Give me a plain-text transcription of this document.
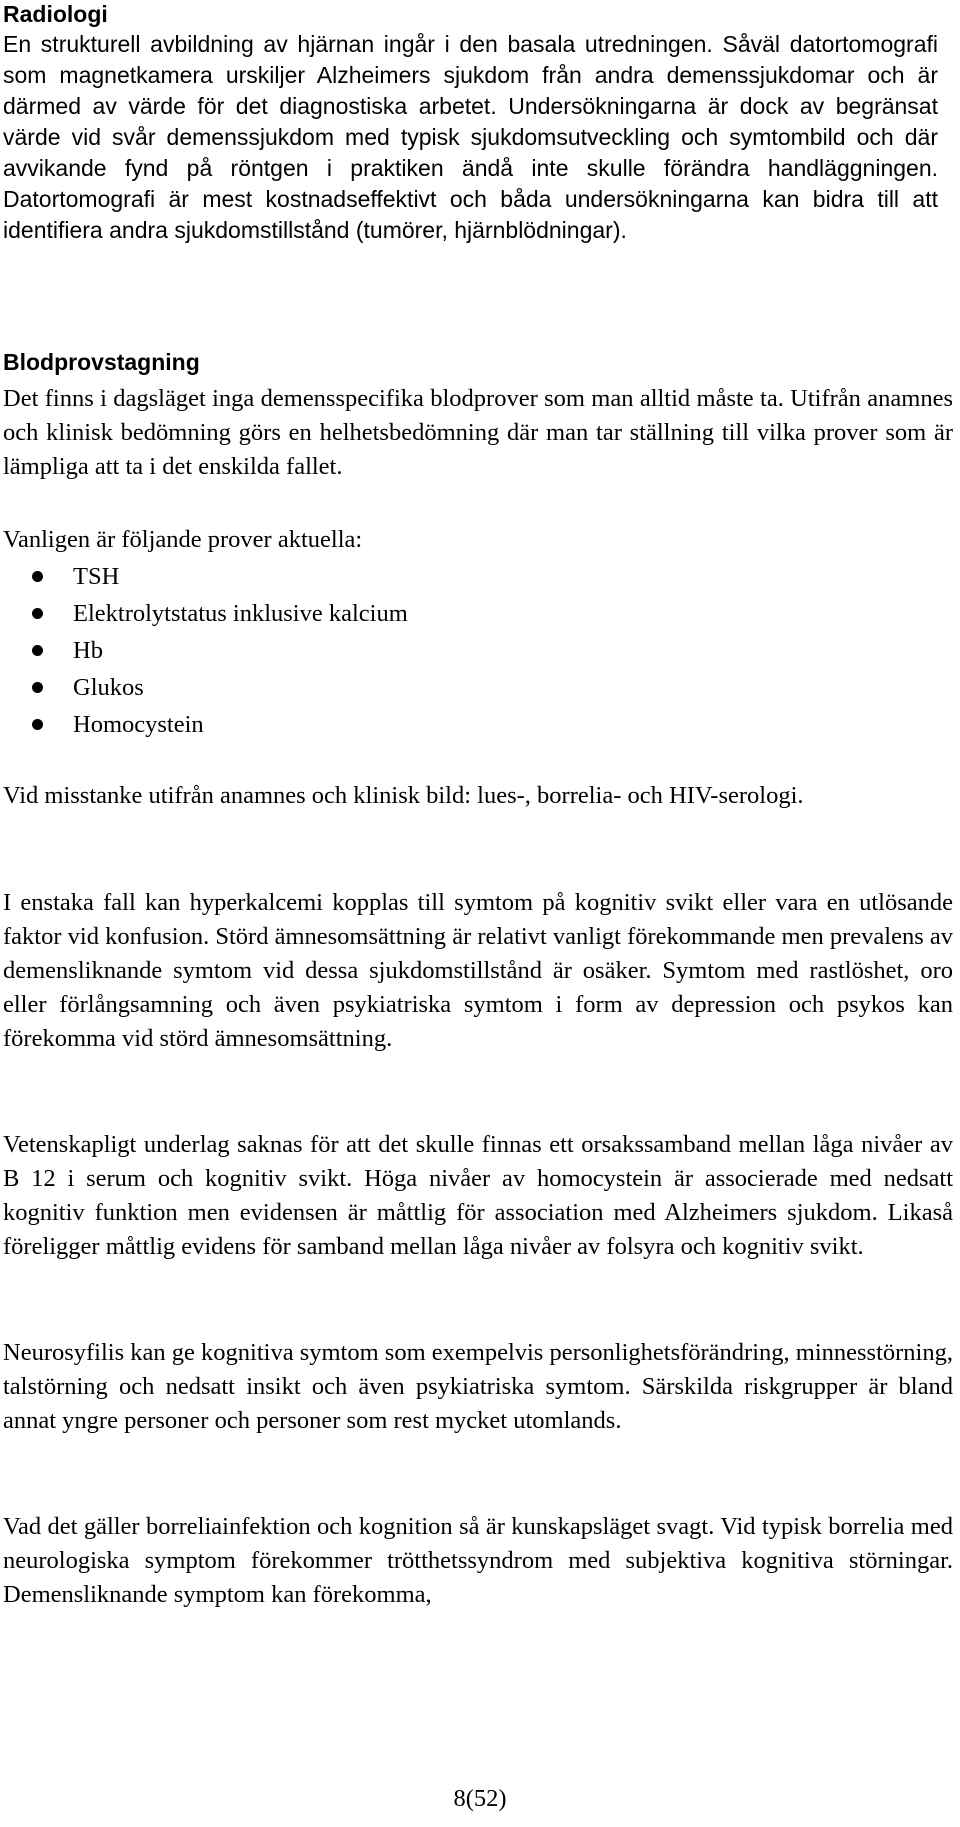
Radiologi

En strukturell avbildning av hjärnan ingår i den basala utredningen. Såväl datortomografi som magnetkamera urskiljer Alzheimers sjukdom från andra demenssjukdomar och är därmed av värde för det diagnostiska arbetet. Undersökningarna är dock av begränsat värde vid svår demenssjukdom med typisk sjukdomsutveckling och symtombild och där avvikande fynd på röntgen i praktiken ändå inte skulle förändra handläggningen. Datortomografi är mest kostnadseffektivt och båda undersökningarna kan bidra till att identifiera andra sjukdomstillstånd (tumörer, hjärnblödningar).

Blodprovstagning

Det finns i dagsläget inga demensspecifika blodprover som man alltid måste ta. Utifrån anamnes och klinisk bedömning görs en helhetsbedömning där man tar ställning till vilka prover som är lämpliga att ta i det enskilda fallet.

Vanligen är följande prover aktuella:

TSH
Elektrolytstatus inklusive kalcium
Hb
Glukos
Homocystein

Vid misstanke utifrån anamnes och klinisk bild: lues-, borrelia- och HIV-serologi.

I enstaka fall kan hyperkalcemi kopplas till symtom på kognitiv svikt eller vara en utlösande faktor vid konfusion. Störd ämnesomsättning är relativt vanligt förekommande men prevalens av demensliknande symtom vid dessa sjukdomstillstånd är osäker. Symtom med rastlöshet, oro eller förlångsamning och även psykiatriska symtom i form av depression och psykos kan förekomma vid störd ämnesomsättning.

Vetenskapligt underlag saknas för att det skulle finnas ett orsakssamband mellan låga nivåer av B 12 i serum och kognitiv svikt. Höga nivåer av homocystein är associerade med nedsatt kognitiv funktion men evidensen är måttlig för association med Alzheimers sjukdom. Likaså föreligger måttlig evidens för samband mellan låga nivåer av folsyra och kognitiv svikt.

Neurosyfilis kan ge kognitiva symtom som exempelvis personlighetsförändring, minnesstörning, talstörning och nedsatt insikt och även psykiatriska symtom. Särskilda riskgrupper är bland annat yngre personer och personer som rest mycket utomlands.

Vad det gäller borreliainfektion och kognition så är kunskapsläget svagt. Vid typisk borrelia med neurologiska symptom förekommer trötthetssyndrom med subjektiva kognitiva störningar. Demensliknande symptom kan förekomma,

8(52)
